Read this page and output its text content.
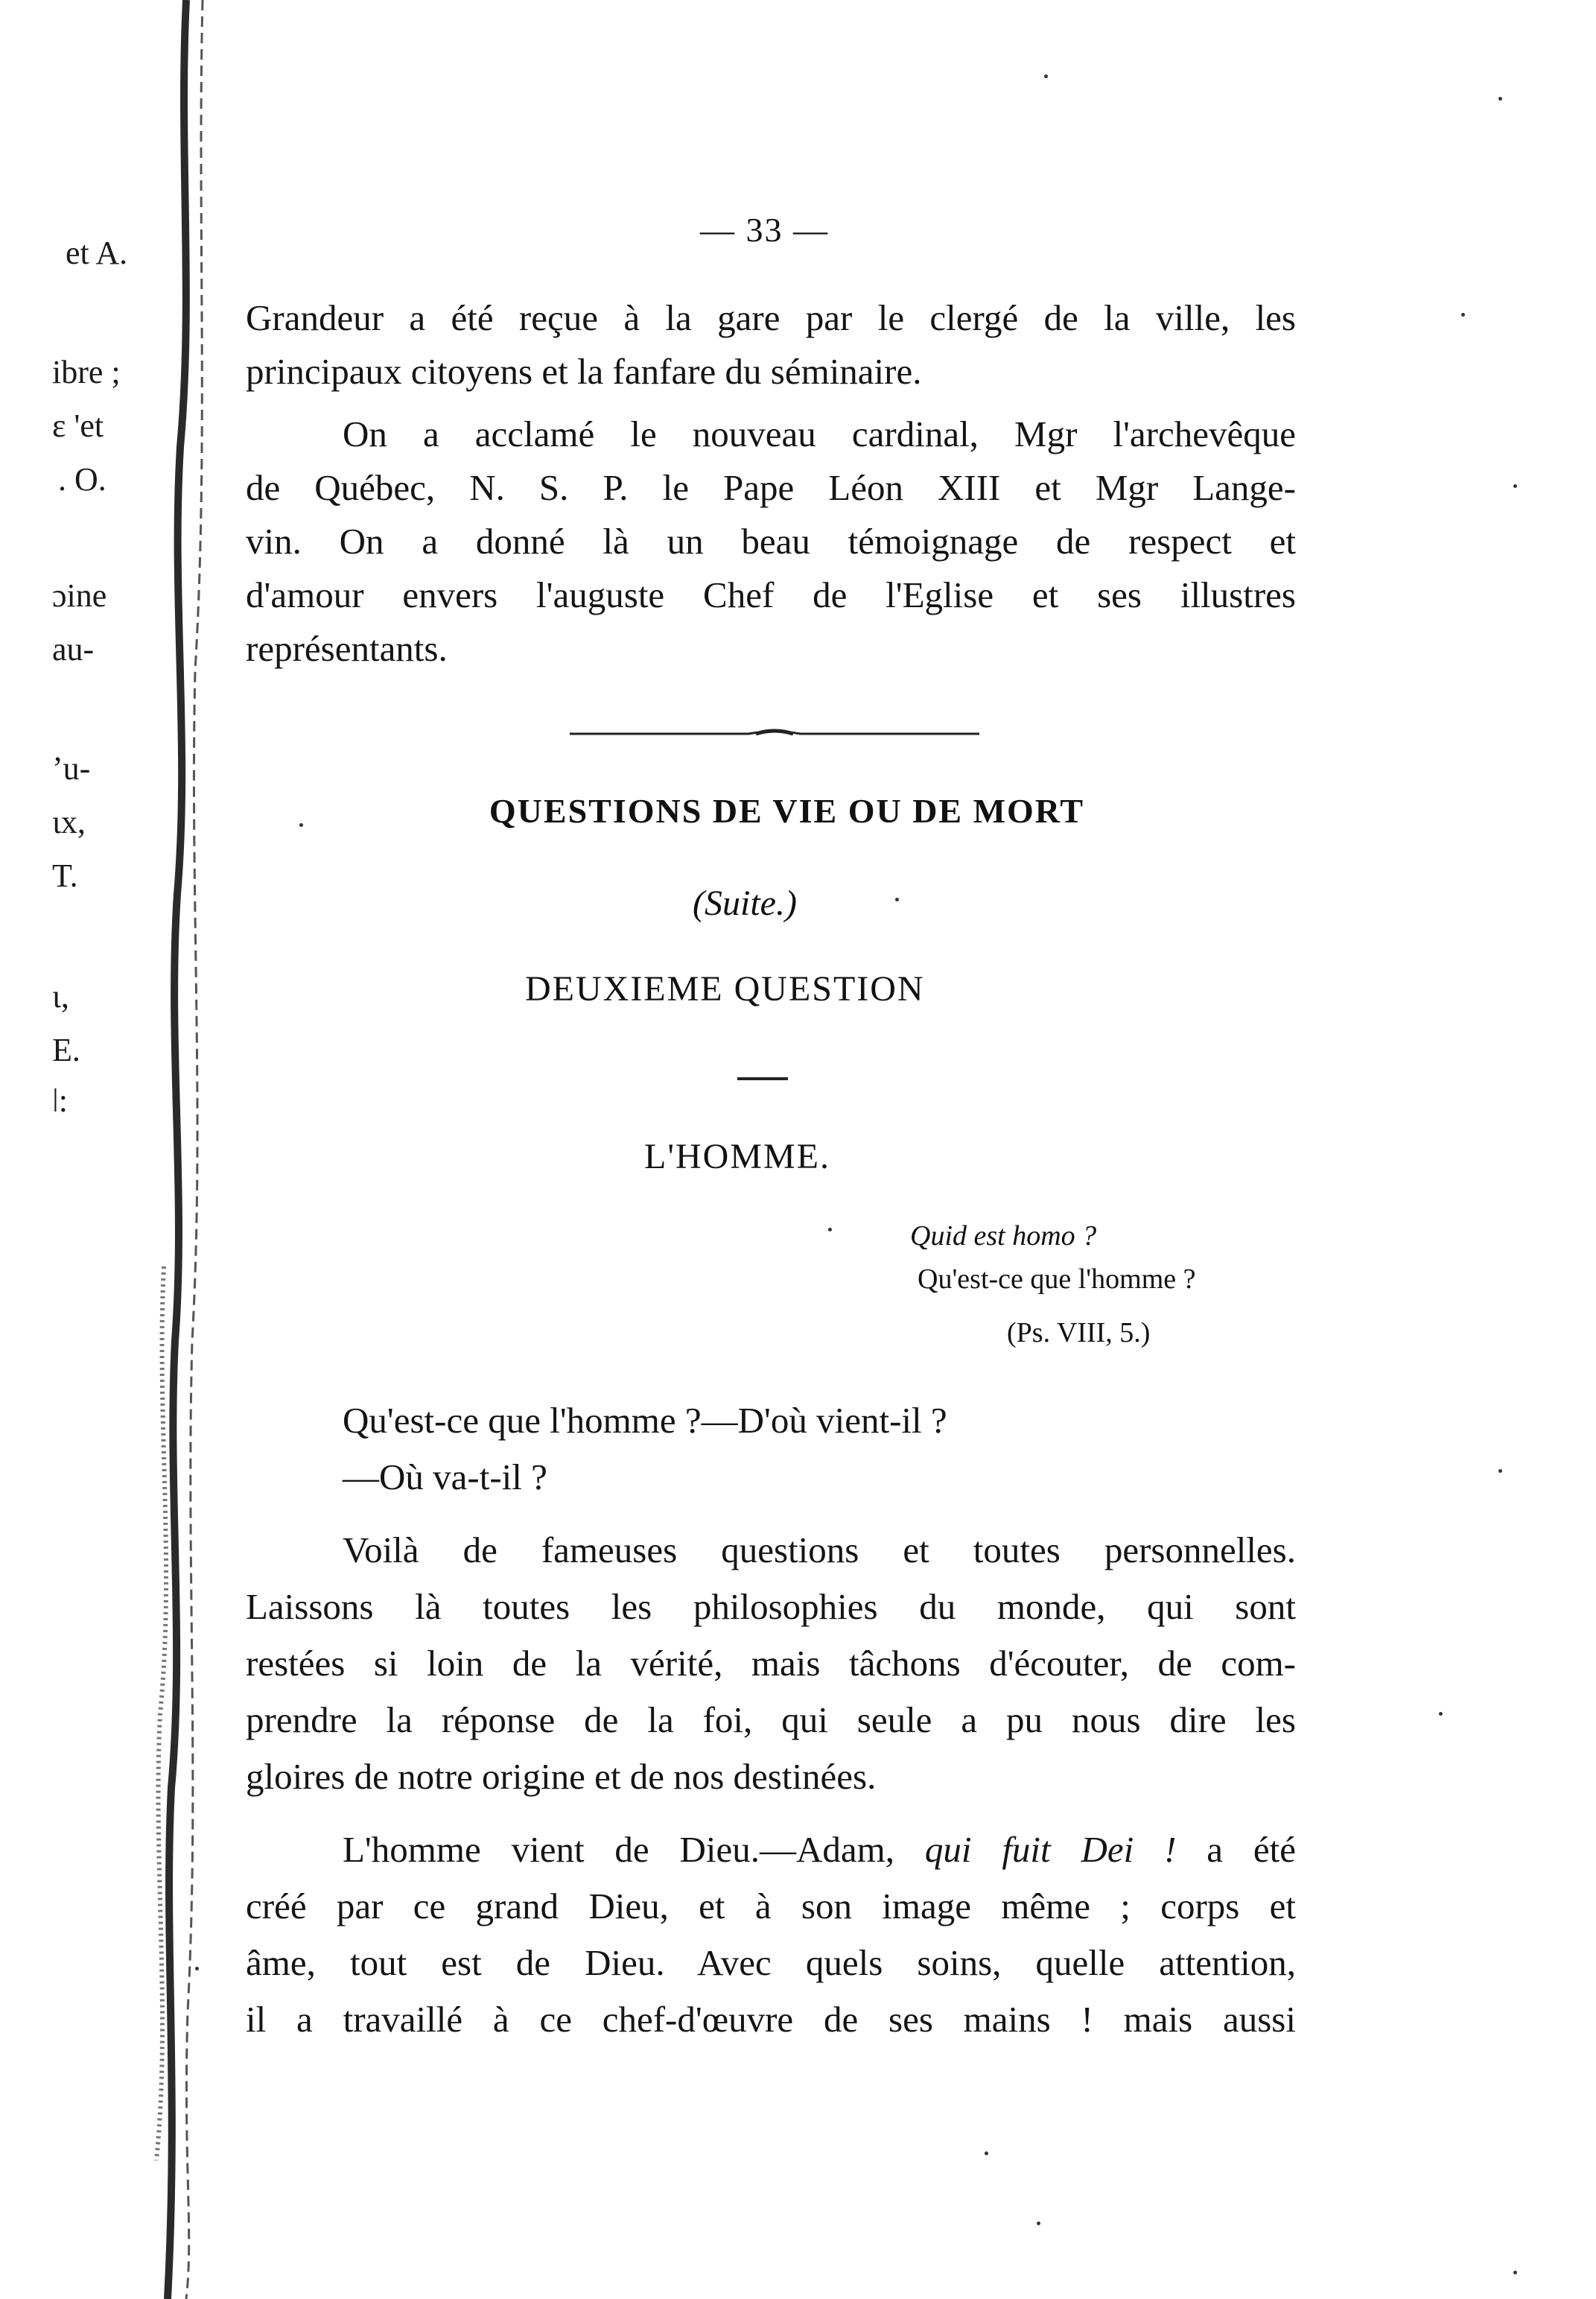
et A.
ibre ;
ɛ 'et
. O.
ɔine
au-
ʼu-
ɩx,
T.
ɩ,
E.
ǀ:
— 33 —
Grandeur a été reçue à la gare par le clergé de la ville, les
principaux citoyens et la fanfare du séminaire.
On a acclamé le nouveau cardinal, Mgr l'archevêque
de Québec, N. S. P. le Pape Léon XIII et Mgr Lange-
vin. On a donné là un beau témoignage de respect et
d'amour envers l'auguste Chef de l'Eglise et ses illustres
représentants.
QUESTIONS DE VIE OU DE MORT
(Suite.)
DEUXIEME QUESTION
L'HOMME.
Quid est homo ?
Qu'est-ce que l'homme ?
(Ps. VIII, 5.)
Qu'est-ce que l'homme ?—D'où vient-il ?
—Où va-t-il ?
Voilà de fameuses questions et toutes personnelles.
Laissons là toutes les philosophies du monde, qui sont
restées si loin de la vérité, mais tâchons d'écouter, de com-
prendre la réponse de la foi, qui seule a pu nous dire les
gloires de notre origine et de nos destinées.
L'homme vient de Dieu.—Adam, qui fuit Dei ! a été
créé par ce grand Dieu, et à son image même ; corps et
âme, tout est de Dieu. Avec quels soins, quelle attention,
il a travaillé à ce chef-d'œuvre de ses mains ! mais aussi
